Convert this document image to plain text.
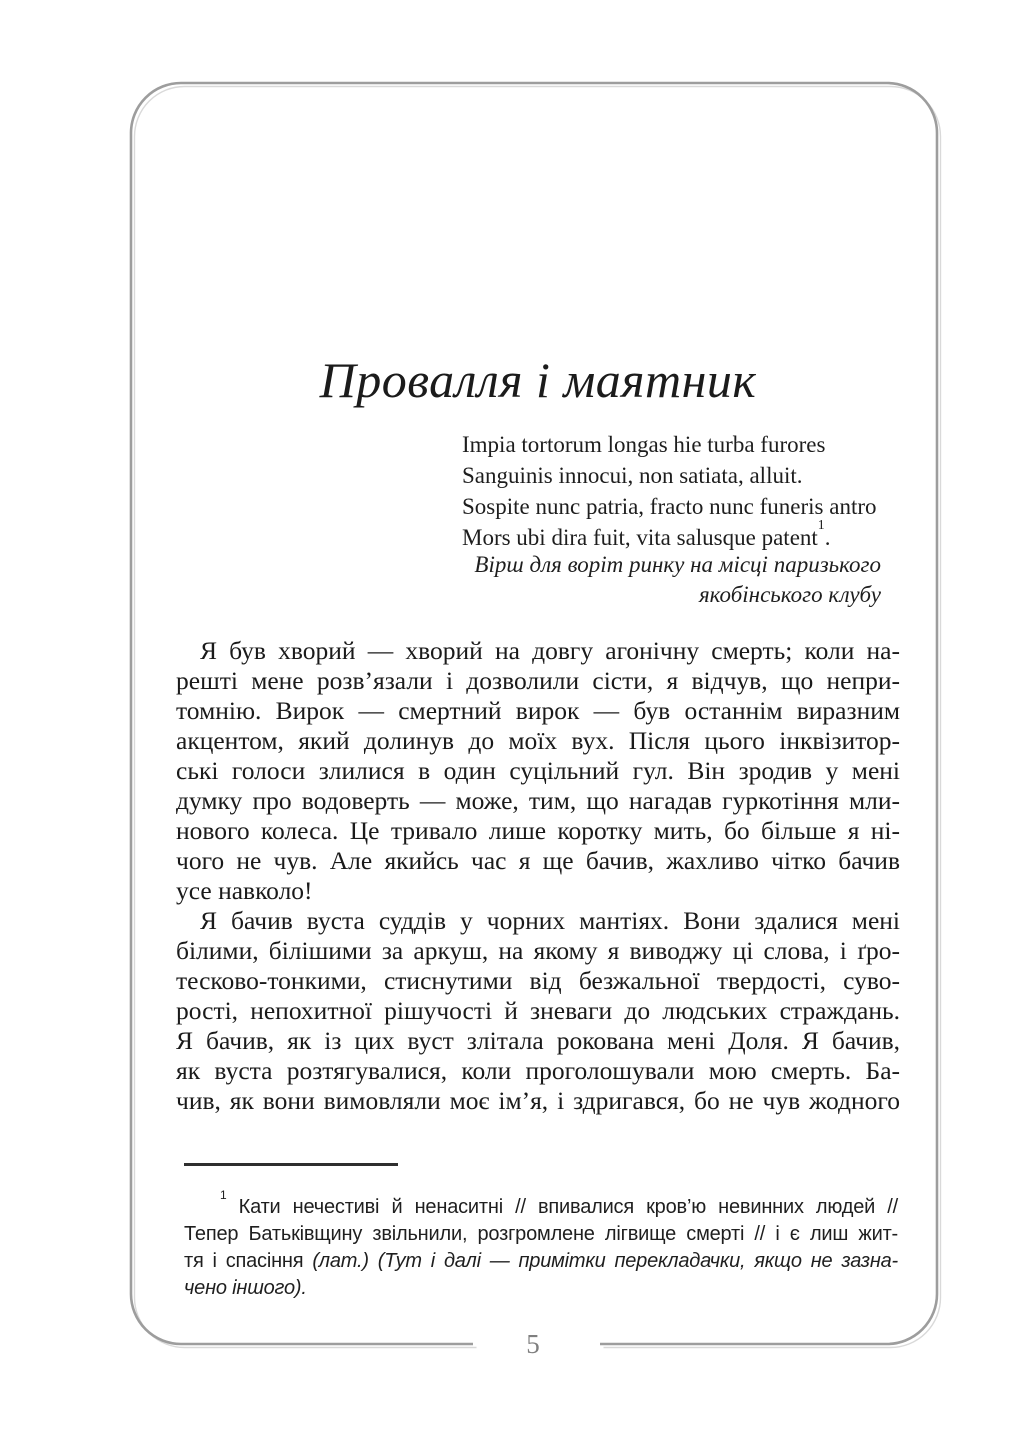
Провалля і маятник
Impia tortorum longas hie turba furores
Sanguinis innocui, non satiata, alluit.
Sospite nunc patria, fracto nunc funeris antro
Mors ubi dira fuit, vita salusque patent$^1$.
Вірш для воріт ринку на місці паризького
якобінського клубу
Я був хворий — хворий на довгу агонічну смерть; коли на-
решті мене розв’язали і дозволили сісти, я відчув, що непри-
томнію. Вирок — смертний вирок — був останнім виразним
акцентом, який долинув до моїх вух. Після цього інквізитор-
ські голоси злилися в один суцільний гул. Він зродив у мені
думку про водоверть — може, тим, що нагадав гуркотіння мли-
нового колеса. Це тривало лише коротку мить, бо більше я ні-
чого не чув. Але якийсь час я ще бачив, жахливо чітко бачив
усе навколо!
Я бачив вуста суддів у чорних мантіях. Вони здалися мені
білими, білішими за аркуш, на якому я виводжу ці слова, і ґро-
тесково-тонкими, стиснутими від безжальної твердості, суво-
рості, непохитної рішучості й зневаги до людських страждань.
Я бачив, як із цих вуст злітала рокована мені Доля. Я бачив,
як вуста розтягувалися, коли проголошували мою смерть. Ба-
чив, як вони вимовляли моє ім’я, і здригався, бо не чув жодного
$^1$ Кати нечестиві й ненаситні // впивалися кров’ю невинних людей //
Тепер Батьківщину звільнили, розгромлене лігвище смерті // і є лиш жит-
тя і спасіння (лат.) (Тут і далі — примітки перекладачки, якщо не зазна-
чено іншого).
5
